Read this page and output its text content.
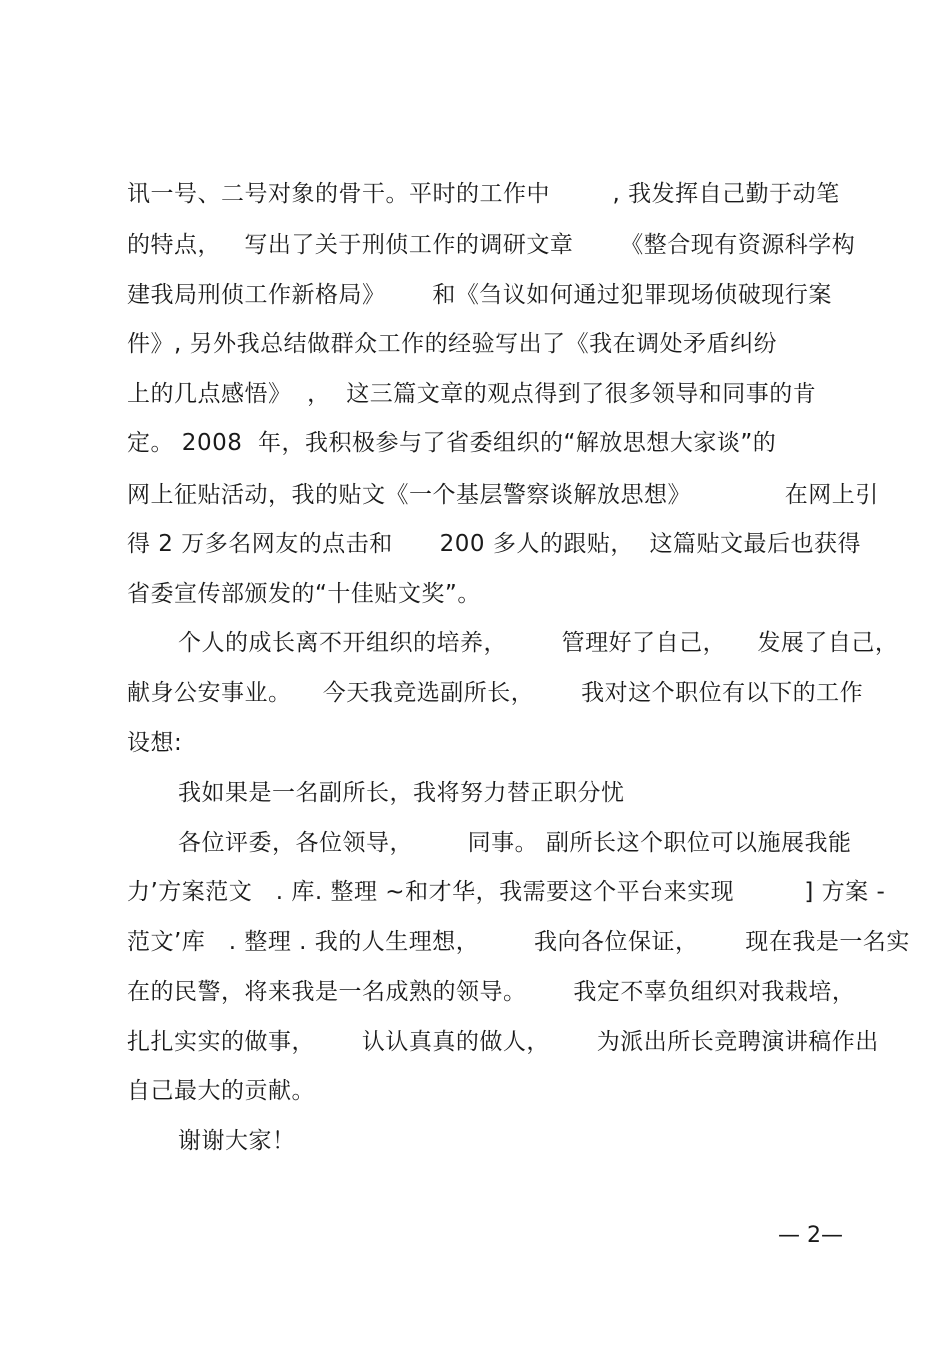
讯一号、二号对象的骨干。平时的工作中        , 我发挥自己勤于动笔
的特点，   写出了关于刑侦工作的调研文章      《整合现有资源科学构
建我局刑侦工作新格局》      和《刍议如何通过犯罪现场侦破现行案
件》, 另外我总结做群众工作的经验写出了《我在调处矛盾纠纷
上的几点感悟》  ，  这三篇文章的观点得到了很多领导和同事的肯
定。 2008  年，我积极参与了省委组织的“解放思想大家谈”的
网上征贴活动，我的贴文《一个基层警察谈解放思想》            在网上引
得 2 万多名网友的点击和      200 多人的跟贴，  这篇贴文最后也获得
省委宣传部颁发的“十佳贴文奖”。
个人的成长离不开组织的培养，       管理好了自己，    发展了自己，
献身公安事业。    今天我竞选副所长，      我对这个职位有以下的工作
设想:
我如果是一名副所长，我将努力替正职分忧
各位评委，各位领导，       同事。 副所长这个职位可以施展我能
力’方案范文   . 库. 整理 ~和才华，我需要这个平台来实现         ] 方案 -
范文’库   . 整理 . 我的人生理想，       我向各位保证，      现在我是一名实
在的民警，将来我是一名成熟的领导。      我定不辜负组织对我栽培，
扎扎实实的做事，      认认真真的做人，      为派出所长竞聘演讲稿作出
自己最大的贡献。
谢谢大家！
— 2—
